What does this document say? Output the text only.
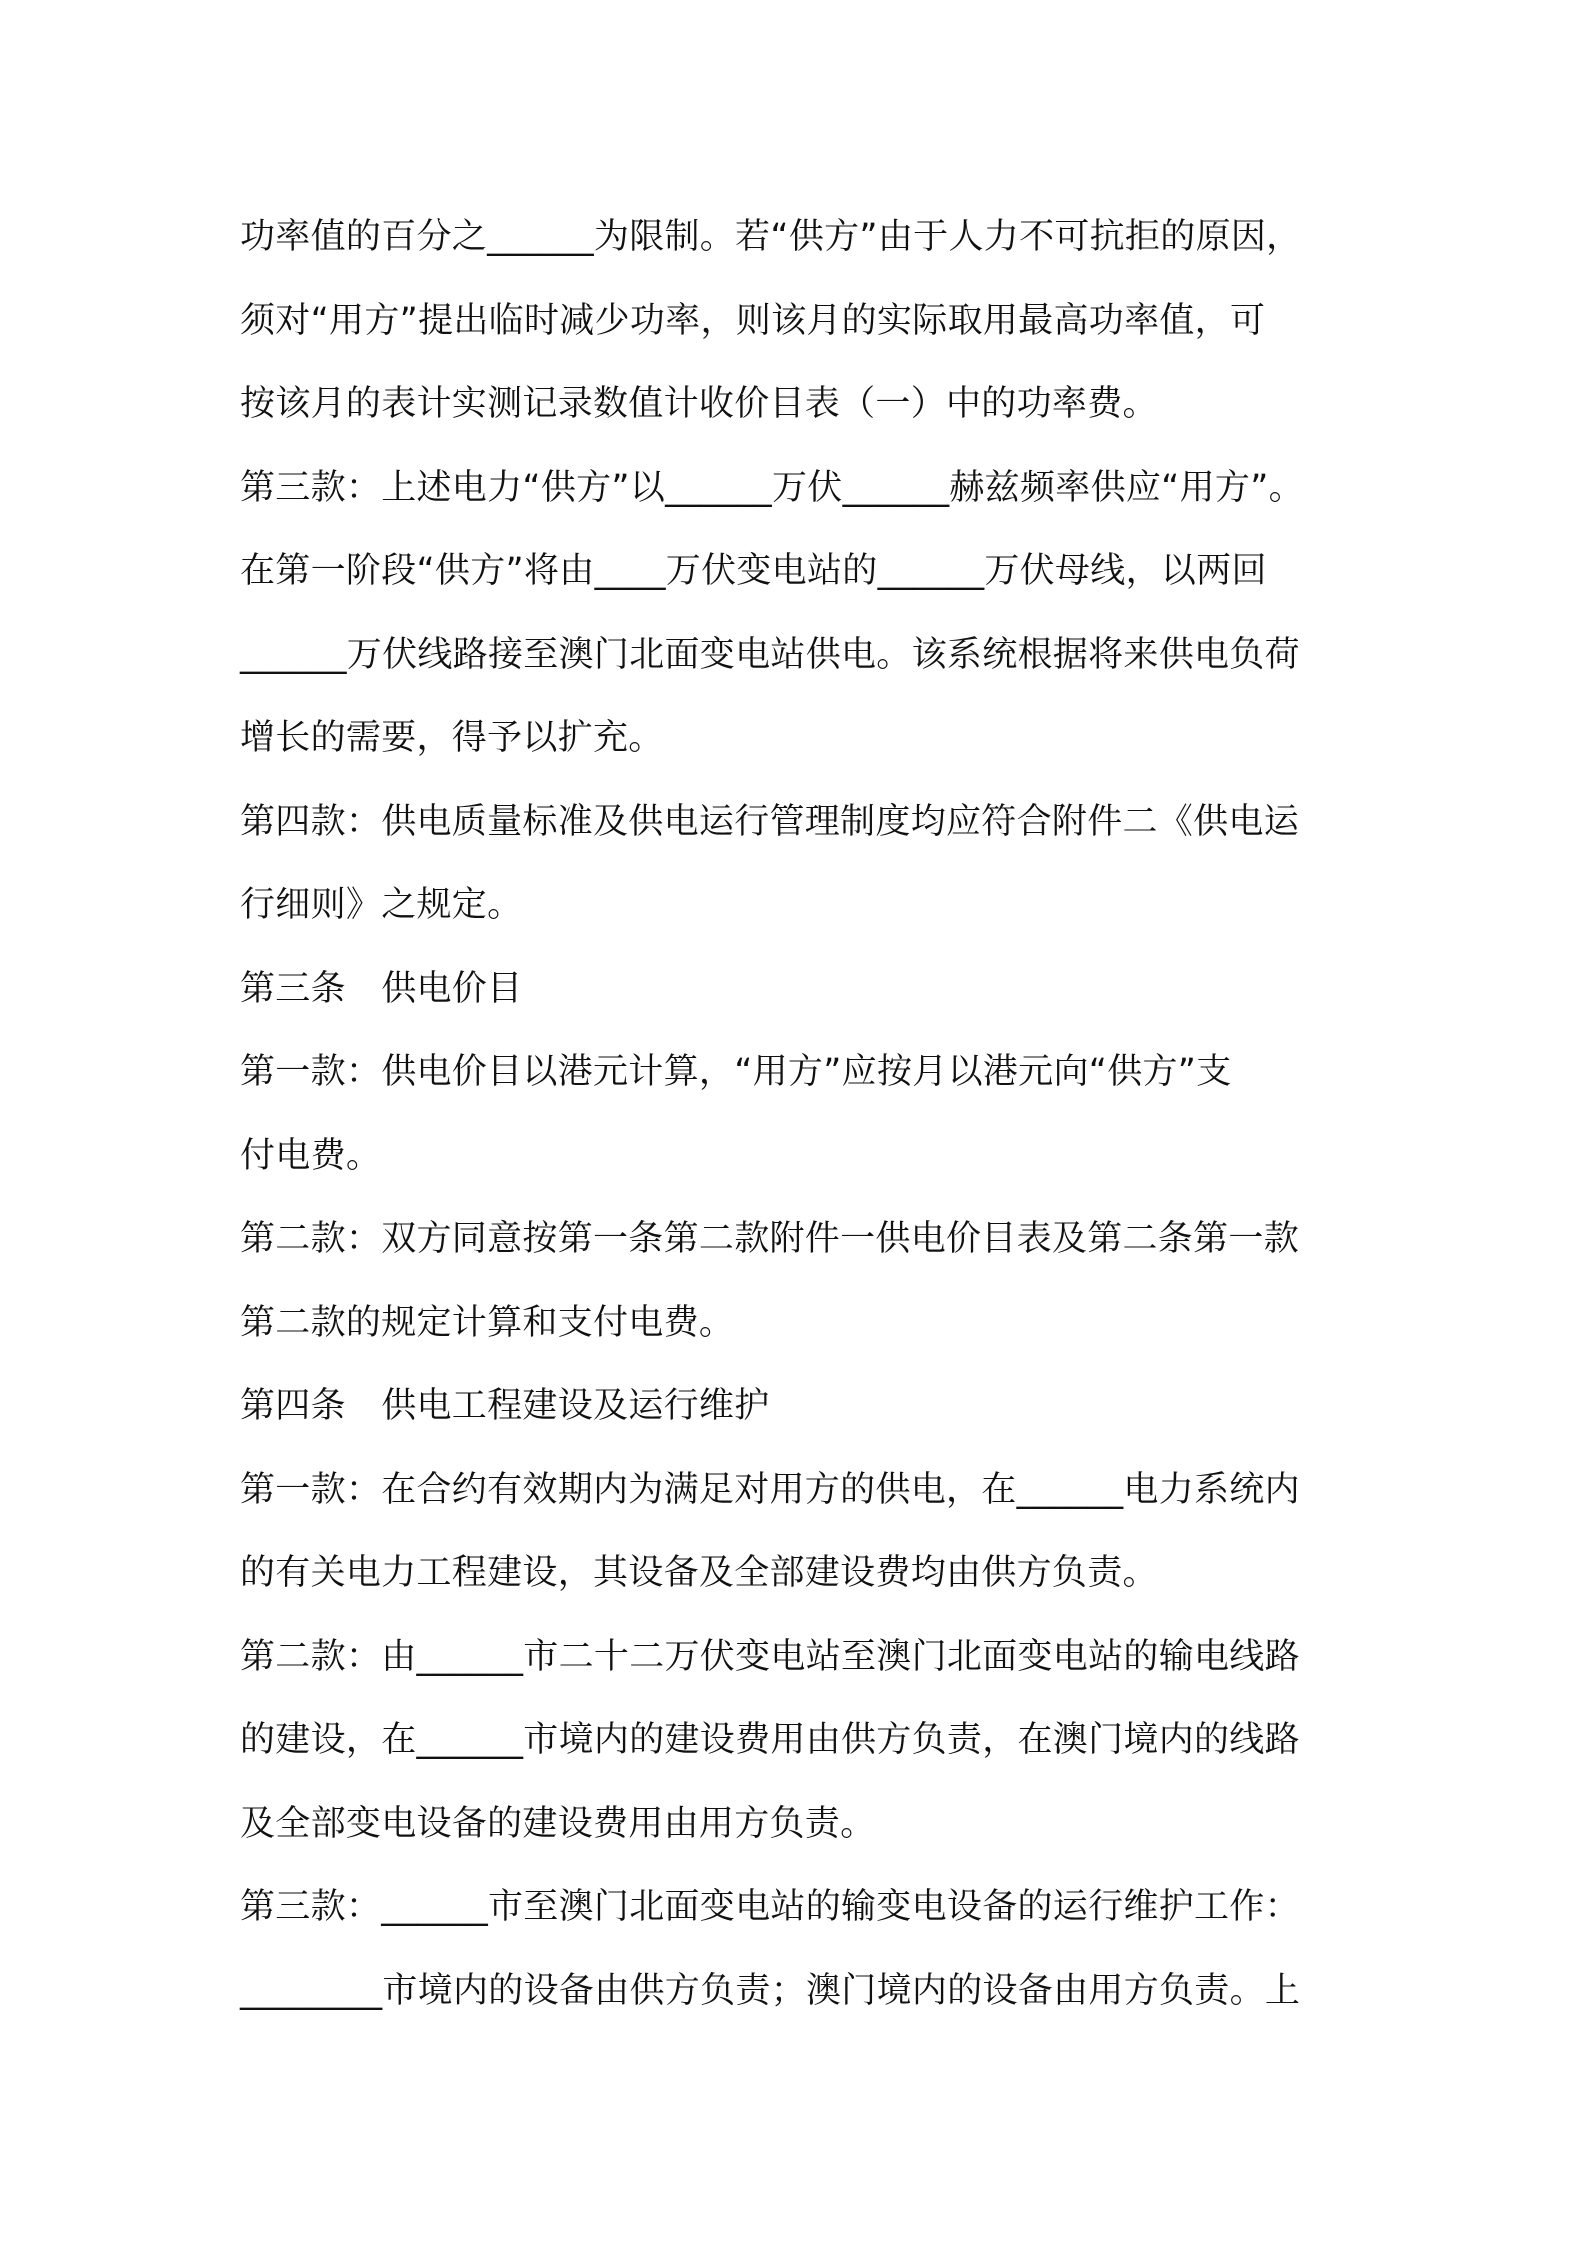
功率值的百分之______为限制。若“供方”由于人力不可抗拒的原因，
须对“用方”提出临时减少功率，则该月的实际取用最高功率值，可
按该月的表计实测记录数值计收价目表（一）中的功率费。
第三款：上述电力“供方”以______万伏______赫兹频率供应“用方”。
在第一阶段“供方”将由____万伏变电站的______万伏母线，以两回
______万伏线路接至澳门北面变电站供电。该系统根据将来供电负荷
增长的需要，得予以扩充。
第四款：供电质量标准及供电运行管理制度均应符合附件二《供电运
行细则》之规定。
第三条　供电价目
第一款：供电价目以港元计算，“用方”应按月以港元向“供方”支
付电费。
第二款：双方同意按第一条第二款附件一供电价目表及第二条第一款
第二款的规定计算和支付电费。
第四条　供电工程建设及运行维护
第一款：在合约有效期内为满足对用方的供电，在______电力系统内
的有关电力工程建设，其设备及全部建设费均由供方负责。
第二款：由______市二十二万伏变电站至澳门北面变电站的输电线路
的建设，在______市境内的建设费用由供方负责，在澳门境内的线路
及全部变电设备的建设费用由用方负责。
第三款：______市至澳门北面变电站的输变电设备的运行维护工作：
________市境内的设备由供方负责；澳门境内的设备由用方负责。上
